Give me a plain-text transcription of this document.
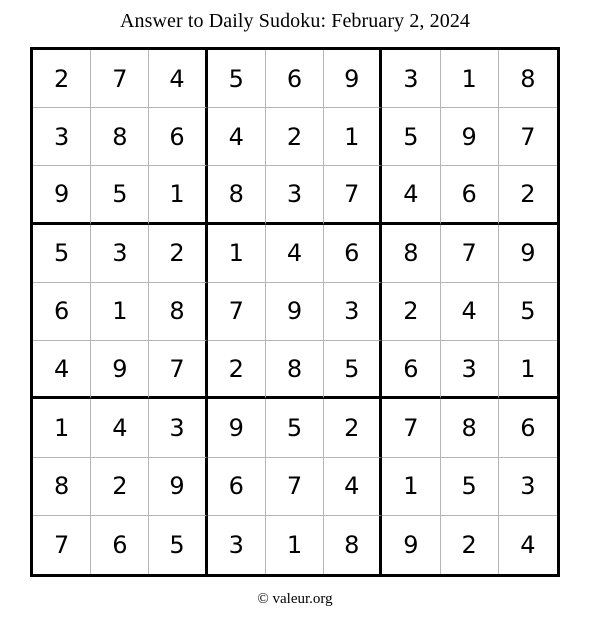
Answer to Daily Sudoku: February 2, 2024
2	7	4	5	6	9	3	1	8
3	8	6	4	2	1	5	9	7
9	5	1	8	3	7	4	6	2
5	3	2	1	4	6	8	7	9
6	1	8	7	9	3	2	4	5
4	9	7	2	8	5	6	3	1
1	4	3	9	5	2	7	8	6
8	2	9	6	7	4	1	5	3
7	6	5	3	1	8	9	2	4
© valeur.org
